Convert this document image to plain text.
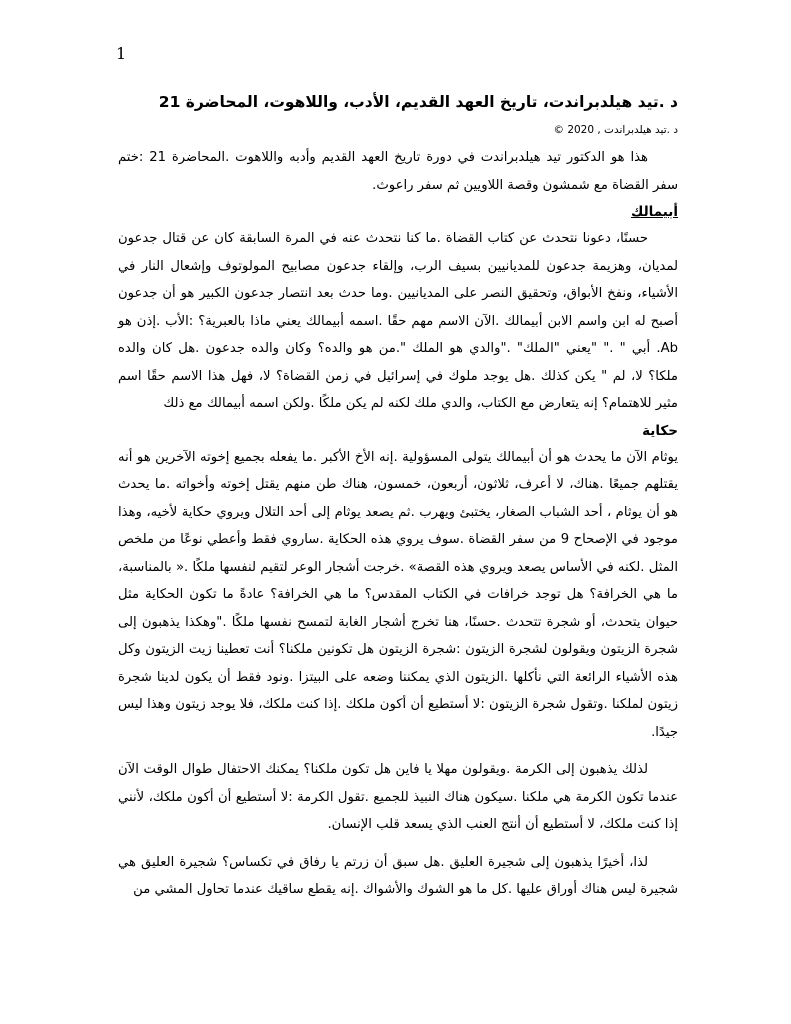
1
د .تيد هيلدبراندت، تاريخ العهد القديم، الأدب، واللاهوت، المحاضرة 21
د .تيد هيلدبراندت , 2020 ©

هذا هو الدكتور تيد هيلدبراندت في دورة تاريخ العهد القديم وأدبه واللاهوت .المحاضرة 21 :ختم سفر القضاة مع شمشون وقصة اللاويين ثم سفر راعوث.

أبيمالك

حسنًا، دعونا نتحدث عن كتاب القضاة .ما كنا نتحدث عنه في المرة السابقة كان عن قتال جدعون لمديان، وهزيمة جدعون للمديانيين بسيف الرب، وإلقاء جدعون مصابيح المولوتوف وإشعال النار في الأشياء، ونفخ الأبواق، وتحقيق النصر على المديانيين .وما حدث بعد انتصار جدعون الكبير هو أن جدعون أصبح له ابن واسم الابن أبيمالك .الآن الاسم مهم حقًا .اسمه أبيمالك يعني ماذا بالعبرية؟ :الأب .إذن هو Ab. أبي " ." "يعني "الملك" ."والدي هو الملك ".من هو والده؟ وكان والده جدعون .هل كان والده ملكا؟ لا، لم " يكن كذلك .هل يوجد ملوك في إسرائيل في زمن القضاة؟ لا، فهل هذا الاسم حقًا اسم مثير للاهتمام؟ إنه يتعارض مع الكتاب، والدي ملك لكنه لم يكن ملكًا .ولكن اسمه أبيمالك مع ذلك

حكاية

يوثام الآن ما يحدث هو أن أبيمالك يتولى المسؤولية .إنه الأخ الأكبر .ما يفعله بجميع إخوته الآخرين هو أنه يقتلهم جميعًا .هناك، لا أعرف، ثلاثون، أربعون، خمسون، هناك طن منهم يقتل إخوته وأخواته .ما يحدث هو أن يوثام ، أحد الشباب الصغار، يختبئ ويهرب .ثم يصعد يوثام إلى أحد التلال ويروي حكاية لأخيه، وهذا موجود في الإصحاح 9 من سفر القضاة .سوف يروي هذه الحكاية .ساروي فقط وأعطي نوعًا من ملخص المثل .لكنه في الأساس يصعد ويروي هذه القصة» .خرجت أشجار الوعر لتقيم لنفسها ملكًا .« بالمناسبة، ما هي الخرافة؟ هل توجد خرافات في الكتاب المقدس؟ ما هي الخرافة؟ عادةً ما تكون الحكاية مثل حيوان يتحدث، أو شجرة تتحدث .حسنًا، هنا تخرج أشجار الغابة لتمسح نفسها ملكًا ."وهكذا يذهبون إلى شجرة الزيتون ويقولون لشجرة الزيتون :شجرة الزيتون هل تكونين ملكنا؟ أنت تعطينا زيت الزيتون وكل هذه الأشياء الرائعة التي نأكلها .الزيتون الذي يمكننا وضعه على البيتزا .ونود فقط أن يكون لدينا شجرة زيتون لملكنا .وتقول شجرة الزيتون :لا أستطيع أن أكون ملكك .إذا كنت ملكك، فلا يوجد زيتون وهذا ليس جيدًا.

لذلك يذهبون إلى الكرمة .ويقولون مهلا يا فاين هل تكون ملكنا؟ يمكنك الاحتفال طوال الوقت الآن عندما تكون الكرمة هي ملكنا .سيكون هناك النبيذ للجميع .تقول الكرمة :لا أستطيع أن أكون ملكك، لأنني إذا كنت ملكك، لا أستطيع أن أنتج العنب الذي يسعد قلب الإنسان.

لذا، أخيرًا يذهبون إلى شجيرة العليق .هل سبق أن زرتم يا رفاق في تكساس؟ شجيرة العليق هي شجيرة ليس هناك أوراق عليها .كل ما هو الشوك والأشواك .إنه يقطع ساقيك عندما تحاول المشي من
